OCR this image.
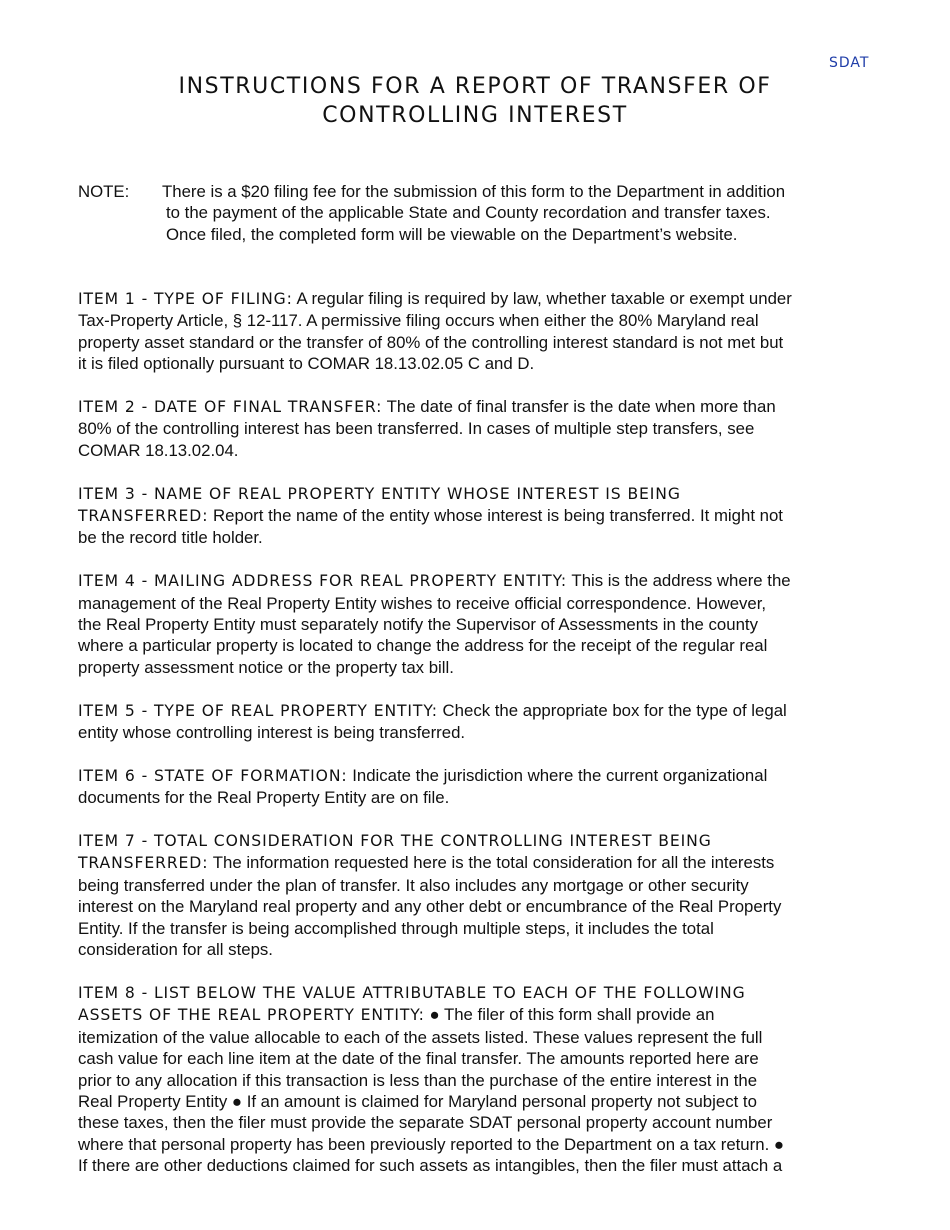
SDAT
INSTRUCTIONS FOR A REPORT OF TRANSFER OF
CONTROLLING INTEREST
NOTE:	There is a $20 filing fee for the submission of this form to the Department in addition
to the payment of the applicable State and County recordation and transfer taxes.
Once filed, the completed form will be viewable on the Department’s website.
ITEM 1 - TYPE OF FILING: A regular filing is required by law, whether taxable or exempt under
Tax-Property Article, § 12-117. A permissive filing occurs when either the 80% Maryland real
property asset standard or the transfer of 80% of the controlling interest standard is not met but
it is filed optionally pursuant to COMAR 18.13.02.05 C and D.
ITEM 2 - DATE OF FINAL TRANSFER: The date of final transfer is the date when more than
80% of the controlling interest has been transferred. In cases of multiple step transfers, see
COMAR 18.13.02.04.
ITEM 3 - NAME OF REAL PROPERTY ENTITY WHOSE INTEREST IS BEING
TRANSFERRED: Report the name of the entity whose interest is being transferred. It might not
be the record title holder.
ITEM 4 - MAILING ADDRESS FOR REAL PROPERTY ENTITY: This is the address where the
management of the Real Property Entity wishes to receive official correspondence. However,
the Real Property Entity must separately notify the Supervisor of Assessments in the county
where a particular property is located to change the address for the receipt of the regular real
property assessment notice or the property tax bill.
ITEM 5 - TYPE OF REAL PROPERTY ENTITY: Check the appropriate box for the type of legal
entity whose controlling interest is being transferred.
ITEM 6 - STATE OF FORMATION: Indicate the jurisdiction where the current organizational
documents for the Real Property Entity are on file.
ITEM 7 - TOTAL CONSIDERATION FOR THE CONTROLLING INTEREST BEING
TRANSFERRED: The information requested here is the total consideration for all the interests
being transferred under the plan of transfer. It also includes any mortgage or other security
interest on the Maryland real property and any other debt or encumbrance of the Real Property
Entity. If the transfer is being accomplished through multiple steps, it includes the total
consideration for all steps.
ITEM 8 - LIST BELOW THE VALUE ATTRIBUTABLE TO EACH OF THE FOLLOWING
ASSETS OF THE REAL PROPERTY ENTITY: ● The filer of this form shall provide an
itemization of the value allocable to each of the assets listed. These values represent the full
cash value for each line item at the date of the final transfer. The amounts reported here are
prior to any allocation if this transaction is less than the purchase of the entire interest in the
Real Property Entity ● If an amount is claimed for Maryland personal property not subject to
these taxes, then the filer must provide the separate SDAT personal property account number
where that personal property has been previously reported to the Department on a tax return. ●
If there are other deductions claimed for such assets as intangibles, then the filer must attach a
